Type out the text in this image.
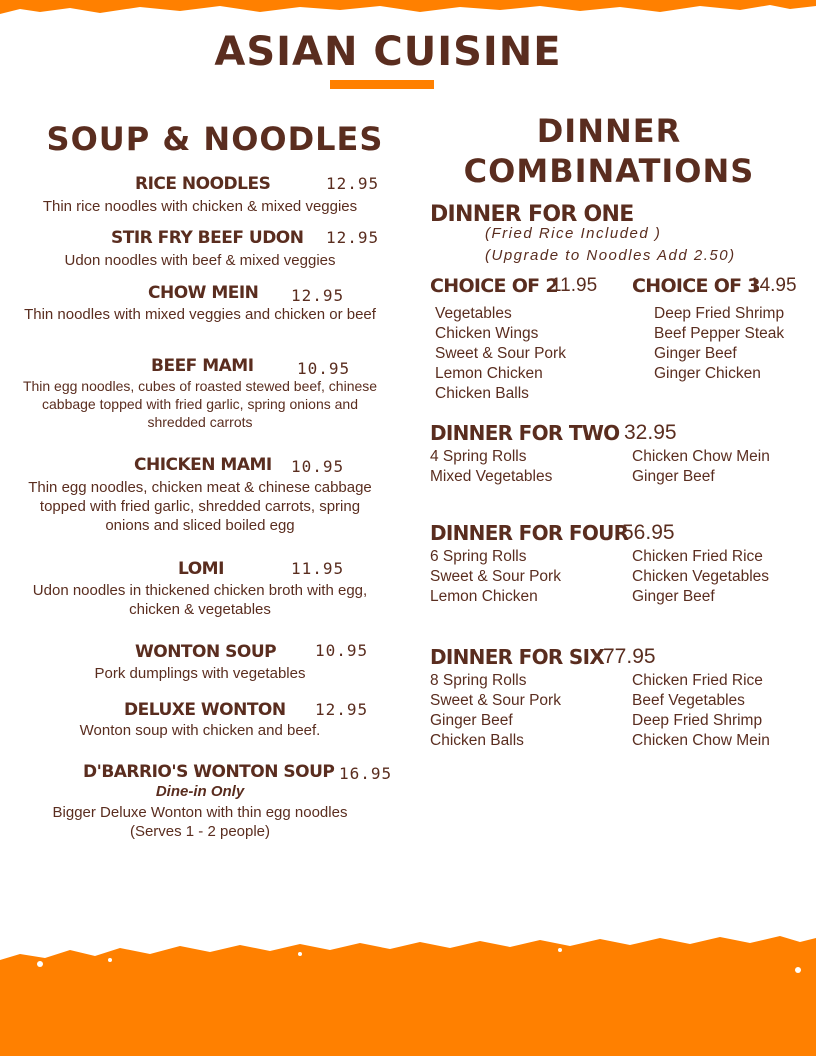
ASIAN CUISINE
SOUP & NOODLES
RICE NOODLES	12.95
Thin rice noodles with chicken & mixed veggies
STIR FRY BEEF UDON 12.95
Udon noodles with beef & mixed veggies
CHOW MEIN 12.95
Thin noodles with mixed veggies and chicken or beef
BEEF MAMI	10.95
Thin egg noodles, cubes of roasted stewed beef, chinese cabbage topped with fried garlic, spring onions and shredded carrots
CHICKEN MAMI 10.95
Thin egg noodles, chicken meat & chinese cabbage topped with fried garlic, shredded carrots, spring onions and sliced boiled egg
LOMI	11.95
Udon noodles in thickened chicken broth with egg, chicken & vegetables
WONTON SOUP 10.95
Pork dumplings with vegetables
DELUXE WONTON 12.95
Wonton soup with chicken and beef.
D'BARRIO'S WONTON SOUP 16.95
Dine-in Only
Bigger Deluxe Wonton with thin egg noodles
(Serves 1 - 2 people)
DINNER
COMBINATIONS
DINNER FOR ONE
(Fried Rice Included )
(Upgrade to Noodles Add 2.50)
CHOICE OF 2
11.95 CHOICE OF 3
14.95
Vegetables
Chicken Wings
Sweet & Sour Pork
Lemon Chicken
Chicken Balls
Deep Fried Shrimp
Beef Pepper Steak
Ginger Beef
Ginger Chicken
DINNER FOR TWO 32.95
4 Spring Rolls
Mixed Vegetables
Chicken Chow Mein
Ginger Beef
DINNER FOR FOUR
56.95
6 Spring Rolls
Sweet & Sour Pork
Lemon Chicken
Chicken Fried Rice
Chicken Vegetables
Ginger Beef
DINNER FOR SIX
77.95
8 Spring Rolls
Sweet & Sour Pork
Ginger Beef
Chicken Balls
Chicken Fried Rice
Beef Vegetables
Deep Fried Shrimp
Chicken Chow Mein
